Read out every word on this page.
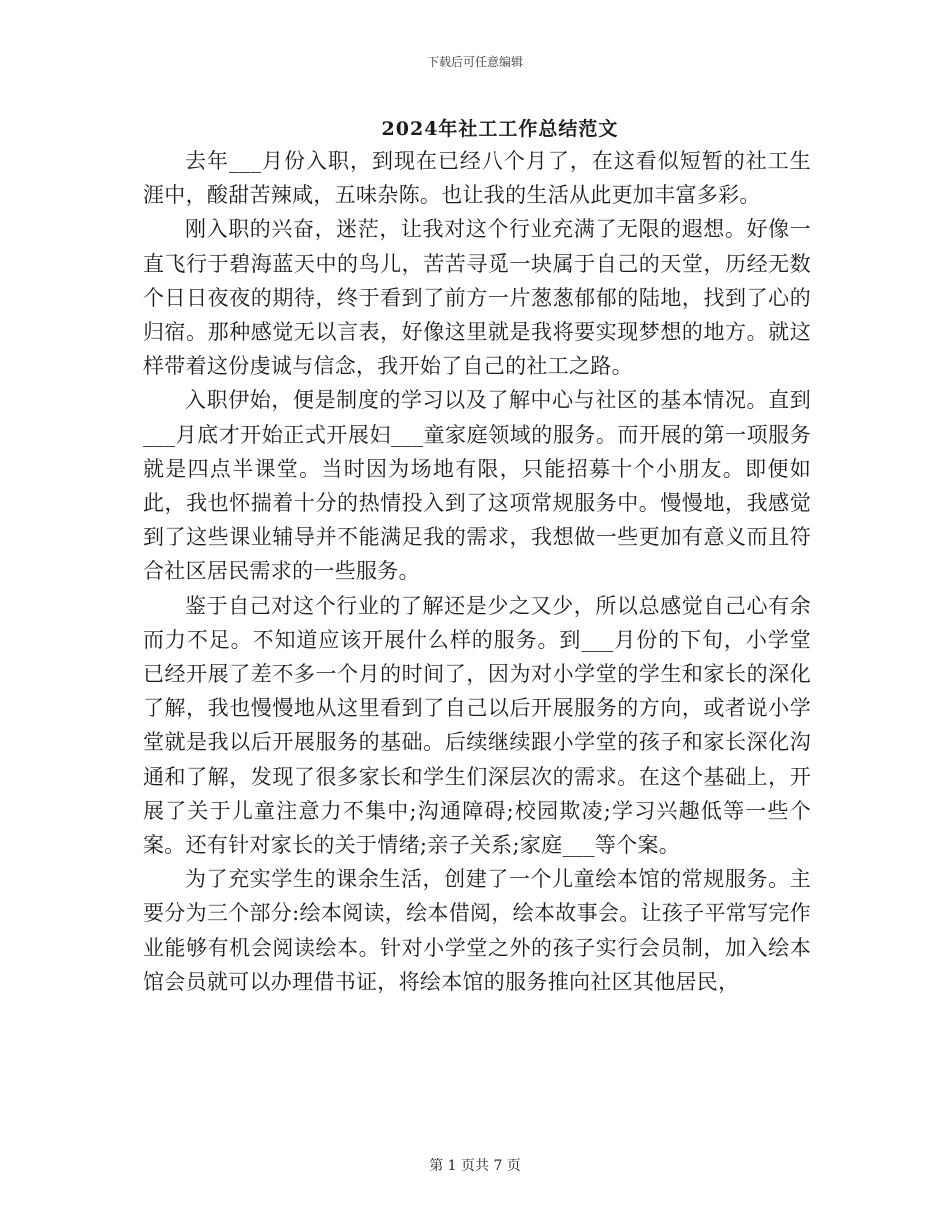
下载后可任意编辑
2024年社工工作总结范文

去年___月份入职，到现在已经八个月了，在这看似短暂的社工生涯中，酸甜苦辣咸，五味杂陈。也让我的生活从此更加丰富多彩。

刚入职的兴奋，迷茫，让我对这个行业充满了无限的遐想。好像一直飞行于碧海蓝天中的鸟儿，苦苦寻觅一块属于自己的天堂，历经无数个日日夜夜的期待，终于看到了前方一片葱葱郁郁的陆地，找到了心的归宿。那种感觉无以言表，好像这里就是我将要实现梦想的地方。就这样带着这份虔诚与信念，我开始了自己的社工之路。

入职伊始，便是制度的学习以及了解中心与社区的基本情况。直到___月底才开始正式开展妇___童家庭领域的服务。而开展的第一项服务就是四点半课堂。当时因为场地有限，只能招募十个小朋友。即便如此，我也怀揣着十分的热情投入到了这项常规服务中。慢慢地，我感觉到了这些课业辅导并不能满足我的需求，我想做一些更加有意义而且符合社区居民需求的一些服务。

鉴于自己对这个行业的了解还是少之又少，所以总感觉自己心有余而力不足。不知道应该开展什么样的服务。到___月份的下旬，小学堂已经开展了差不多一个月的时间了，因为对小学堂的学生和家长的深化了解，我也慢慢地从这里看到了自己以后开展服务的方向，或者说小学堂就是我以后开展服务的基础。后续继续跟小学堂的孩子和家长深化沟通和了解，发现了很多家长和学生们深层次的需求。在这个基础上，开展了关于儿童注意力不集中;沟通障碍;校园欺凌;学习兴趣低等一些个案。还有针对家长的关于情绪;亲子关系;家庭___等个案。

为了充实学生的课余生活，创建了一个儿童绘本馆的常规服务。主要分为三个部分:绘本阅读，绘本借阅，绘本故事会。让孩子平常写完作业能够有机会阅读绘本。针对小学堂之外的孩子实行会员制，加入绘本馆会员就可以办理借书证，将绘本馆的服务推向社区其他居民，

第 1 页共 7 页
